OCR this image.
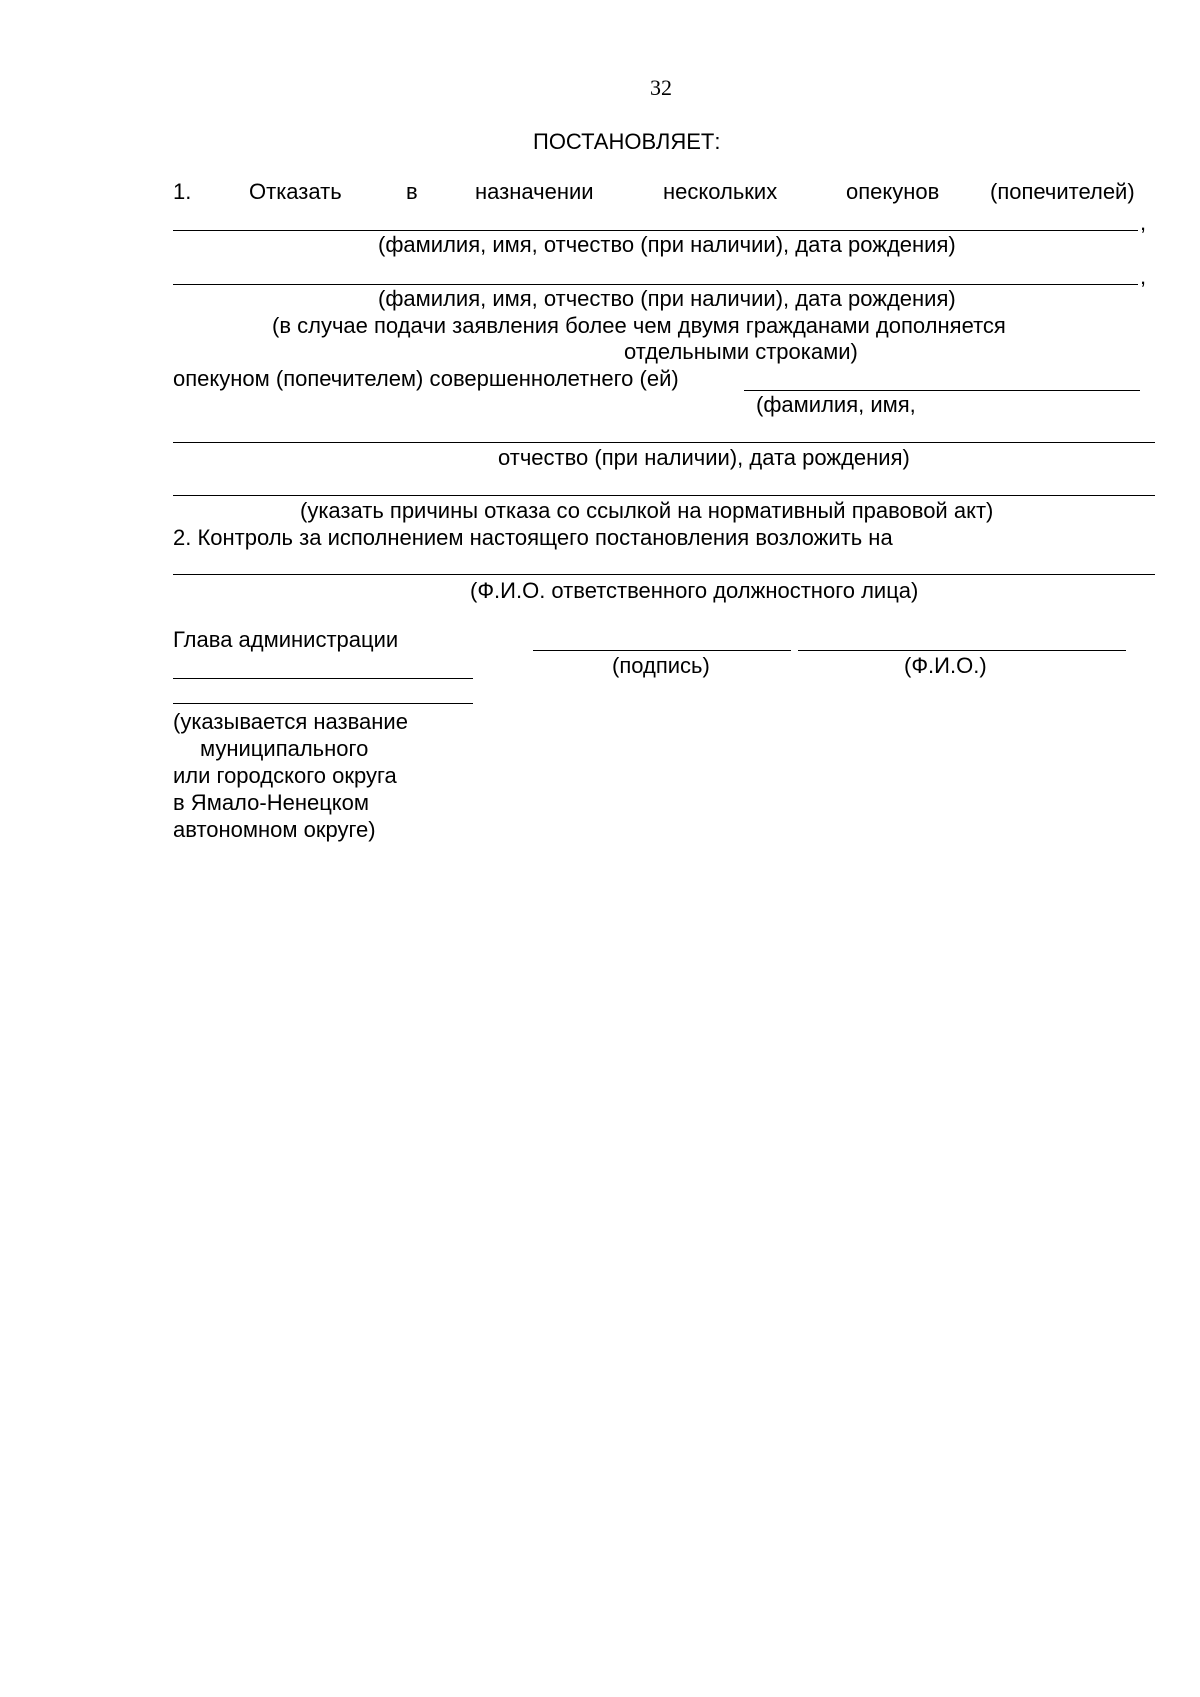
32
ПОСТАНОВЛЯЕТ:
1.	Отказать	в	назначении	нескольких	опекунов (попечителей)
,
(фамилия, имя, отчество (при наличии), дата рождения)
,
(фамилия, имя, отчество (при наличии), дата рождения)
(в случае подачи заявления более чем двумя гражданами дополняется
отдельными строками)
опекуном (попечителем) совершеннолетнего (ей)
(фамилия, имя,
отчество (при наличии), дата рождения)
(указать причины отказа со ссылкой на нормативный правовой акт)
2. Контроль за исполнением настоящего постановления возложить на
(Ф.И.О. ответственного должностного лица)
Глава администрации
(подпись)	(Ф.И.О.)
(указывается название
муниципального
или городского округа
в Ямало-Ненецком
автономном округе)
